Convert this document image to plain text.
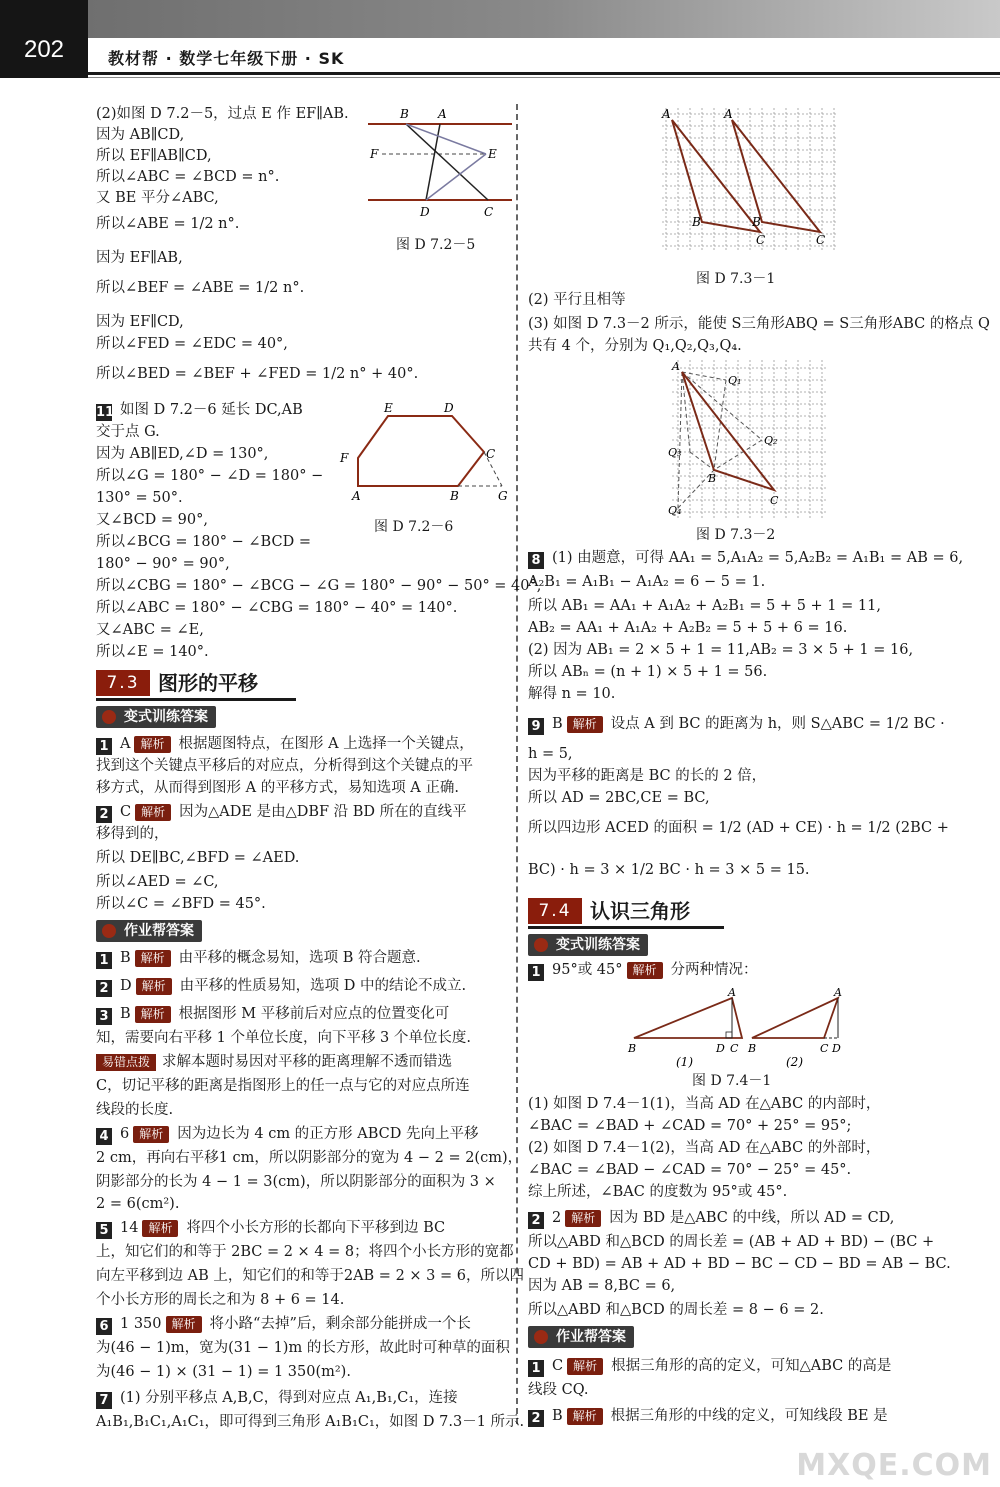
202	教材帮 · 数学七年级下册 · SK
(2)如图 D 7.2－5，过点 E 作 EF∥AB.
因为 AB∥CD,
所以 EF∥AB∥CD,
所以∠ABC = ∠BCD = n°.
又 BE 平分∠ABC,
所以∠ABE = 1/2 n°.
因为 EF∥AB,
所以∠BEF = ∠ABE = 1/2 n°.
因为 EF∥CD,
所以∠FED = ∠EDC = 40°,
所以∠BED = ∠BEF + ∠FED = 1/2 n° + 40°.
B A
F	E
D	C
图 D 7.2－5
11 如图 D 7.2－6 延长 DC,AB
交于点 G.
因为 AB∥ED,∠D = 130°,
所以∠G = 180° − ∠D = 180° −
130° = 50°.
又∠BCD = 90°,
所以∠BCG = 180° − ∠BCD =
180° − 90° = 90°,
所以∠CBG = 180° − ∠BCG − ∠G = 180° − 90° − 50° = 40°,
所以∠ABC = 180° − ∠CBG = 180° − 40° = 140°.
又∠ABC = ∠E,
所以∠E = 140°.
E	D
F	C
A	B	G
图 D 7.2－6
7.3 图形的平移
变式训练答案
1 A 解析 根据题图特点，在图形 A 上选择一个关键点，
找到这个关键点平移后的对应点，分析得到这个关键点的平
移方式，从而得到图形 A 的平移方式，易知选项 A 正确.
2 C 解析 因为△ADE 是由△DBF 沿 BD 所在的直线平
移得到的，
所以 DE∥BC,∠BFD = ∠AED.
所以∠AED = ∠C,
所以∠C = ∠BFD = 45°.
作业帮答案
1 B 解析 由平移的概念易知，选项 B 符合题意.
2 D 解析 由平移的性质易知，选项 D 中的结论不成立.
3 B 解析 根据图形 M 平移前后对应点的位置变化可
知，需要向右平移 1 个单位长度，向下平移 3 个单位长度.
易错点拨 求解本题时易因对平移的距离理解不透而错选
C，切记平移的距离是指图形上的任一点与它的对应点所连
线段的长度.
4 6 解析 因为边长为 4 cm 的正方形 ABCD 先向上平移
2 cm，再向右平移1 cm，所以阴影部分的宽为 4 − 2 = 2(cm)，
阴影部分的长为 4 − 1 = 3(cm)，所以阴影部分的面积为 3 ×
2 = 6(cm²).
5 14 解析 将四个小长方形的长都向下平移到边 BC
上，知它们的和等于 2BC = 2 × 4 = 8；将四个小长方形的宽都
向左平移到边 AB 上，知它们的和等于2AB = 2 × 3 = 6，所以四
个小长方形的周长之和为 8 + 6 = 14.
6 1 350 解析 将小路“去掉”后，剩余部分能拼成一个长
为(46 − 1)m，宽为(31 − 1)m 的长方形，故此时可种草的面积
为(46 − 1) × (31 − 1) = 1 350(m²).
7 (1) 分别平移点 A,B,C，得到对应点 A₁,B₁,C₁，连接
A₁B₁,B₁C₁,A₁C₁，即可得到三角形 A₁B₁C₁，如图 D 7.3－1 所示.
A	A
B	B
C	C
图 D 7.3－1
(2) 平行且相等
(3) 如图 D 7.3－2 所示，能使 S三角形ABQ = S三角形ABC 的格点 Q
共有 4 个，分别为 Q₁,Q₂,Q₃,Q₄.
A
Q₁
Q₂
Q₃
Q₄
B
C
图 D 7.3－2
8 (1) 由题意，可得 AA₁ = 5,A₁A₂ = 5,A₂B₂ = A₁B₁ = AB = 6,
A₂B₁ = A₁B₁ − A₁A₂ = 6 − 5 = 1.
所以 AB₁ = AA₁ + A₁A₂ + A₂B₁ = 5 + 5 + 1 = 11,
AB₂ = AA₁ + A₁A₂ + A₂B₂ = 5 + 5 + 6 = 16.
(2) 因为 AB₁ = 2 × 5 + 1 = 11,AB₂ = 3 × 5 + 1 = 16,
所以 ABₙ = (n + 1) × 5 + 1 = 56.
解得 n = 10.
9 B 解析 设点 A 到 BC 的距离为 h，则 S△ABC = 1/2 BC ·
h = 5,
因为平移的距离是 BC 的长的 2 倍，
所以 AD = 2BC,CE = BC,
所以四边形 ACED 的面积 = 1/2 (AD + CE) · h = 1/2 (2BC +
BC) · h = 3 × 1/2 BC · h = 3 × 5 = 15.
7.4 认识三角形
变式训练答案
1 95°或 45° 解析 分两种情况：
A
B	D C
A
B	C D
(1)	(2)
图 D 7.4－1
(1) 如图 D 7.4－1(1)，当高 AD 在△ABC 的内部时，
∠BAC = ∠BAD + ∠CAD = 70° + 25° = 95°;
(2) 如图 D 7.4－1(2)，当高 AD 在△ABC 的外部时，
∠BAC = ∠BAD − ∠CAD = 70° − 25° = 45°.
综上所述，∠BAC 的度数为 95°或 45°.
2 2 解析 因为 BD 是△ABC 的中线，所以 AD = CD,
所以△ABD 和△BCD 的周长差 = (AB + AD + BD) − (BC +
CD + BD) = AB + AD + BD − BC − CD − BD = AB − BC.
因为 AB = 8,BC = 6,
所以△ABD 和△BCD 的周长差 = 8 − 6 = 2.
作业帮答案
1 C 解析 根据三角形的高的定义，可知△ABC 的高是
线段 CQ.
2 B 解析 根据三角形的中线的定义，可知线段 BE 是
MXQE.COM
